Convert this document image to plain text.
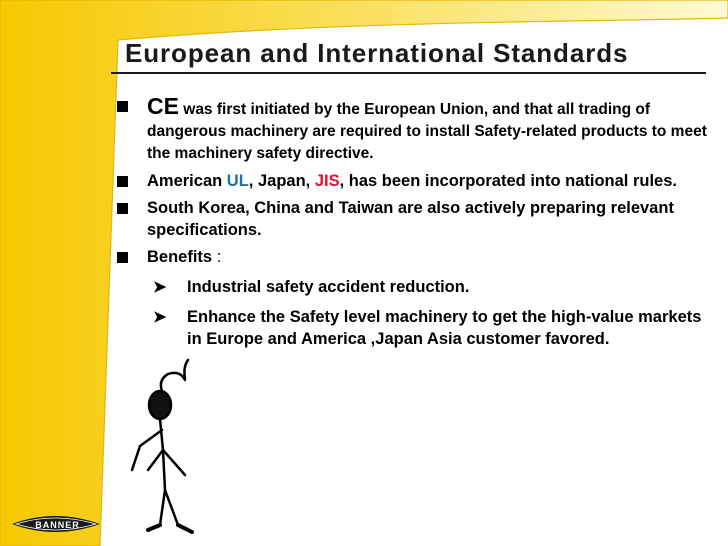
European and International Standards
CE was first initiated by the European Union, and that all trading of dangerous machinery are required to install Safety-related products to meet the machinery safety directive.
American UL, Japan, JIS, has been incorporated into national rules.
South Korea, China and Taiwan are also actively preparing relevant specifications.
Benefits :
➤ Industrial safety accident reduction.
➤ Enhance the Safety level machinery to get the high-value markets in Europe and America ,Japan Asia customer favored.
BANNER
